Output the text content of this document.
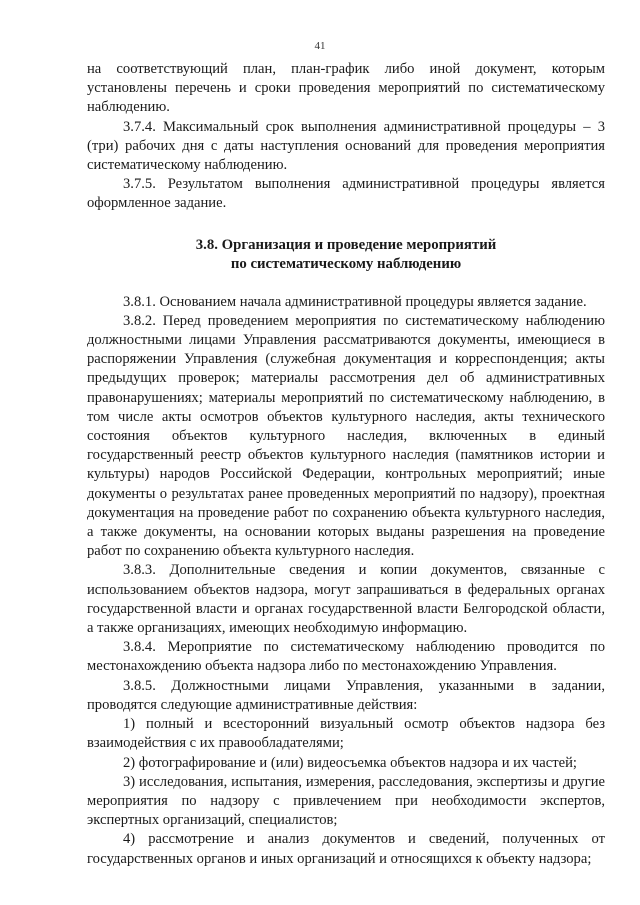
41

на соответствующий план, план-график либо иной документ, которым установлены перечень и сроки проведения мероприятий по систематическому наблюдению.

3.7.4. Максимальный срок выполнения административной процедуры – 3 (три) рабочих дня с даты наступления оснований для проведения мероприятия систематическому наблюдению.

3.7.5. Результатом выполнения административной процедуры является оформленное задание.

3.8. Организация и проведение мероприятий
по систематическому наблюдению

3.8.1. Основанием начала административной процедуры является задание.

3.8.2. Перед проведением мероприятия по систематическому наблюдению должностными лицами Управления рассматриваются документы, имеющиеся в распоряжении Управления (служебная документация и корреспонденция; акты предыдущих проверок; материалы рассмотрения дел об административных правонарушениях; материалы мероприятий по систематическому наблюдению, в том числе акты осмотров объектов культурного наследия, акты технического состояния объектов культурного наследия, включенных в единый государственный реестр объектов культурного наследия (памятников истории и культуры) народов Российской Федерации, контрольных мероприятий; иные документы о результатах ранее проведенных мероприятий по надзору), проектная документация на проведение работ по сохранению объекта культурного наследия, а также документы, на основании которых выданы разрешения на проведение работ по сохранению объекта культурного наследия.

3.8.3. Дополнительные сведения и копии документов, связанные с использованием объектов надзора, могут запрашиваться в федеральных органах государственной власти и органах государственной власти Белгородской области, а также организациях, имеющих необходимую информацию.

3.8.4. Мероприятие по систематическому наблюдению проводится по местонахождению объекта надзора либо по местонахождению Управления.

3.8.5. Должностными лицами Управления, указанными в задании, проводятся следующие административные действия:

1) полный и всесторонний визуальный осмотр объектов надзора без взаимодействия с их правообладателями;

2) фотографирование и (или) видеосъемка объектов надзора и их частей;

3) исследования, испытания, измерения, расследования, экспертизы и другие мероприятия по надзору с привлечением при необходимости экспертов, экспертных организаций, специалистов;

4) рассмотрение и анализ документов и сведений, полученных от государственных органов и иных организаций и относящихся к объекту надзора;
